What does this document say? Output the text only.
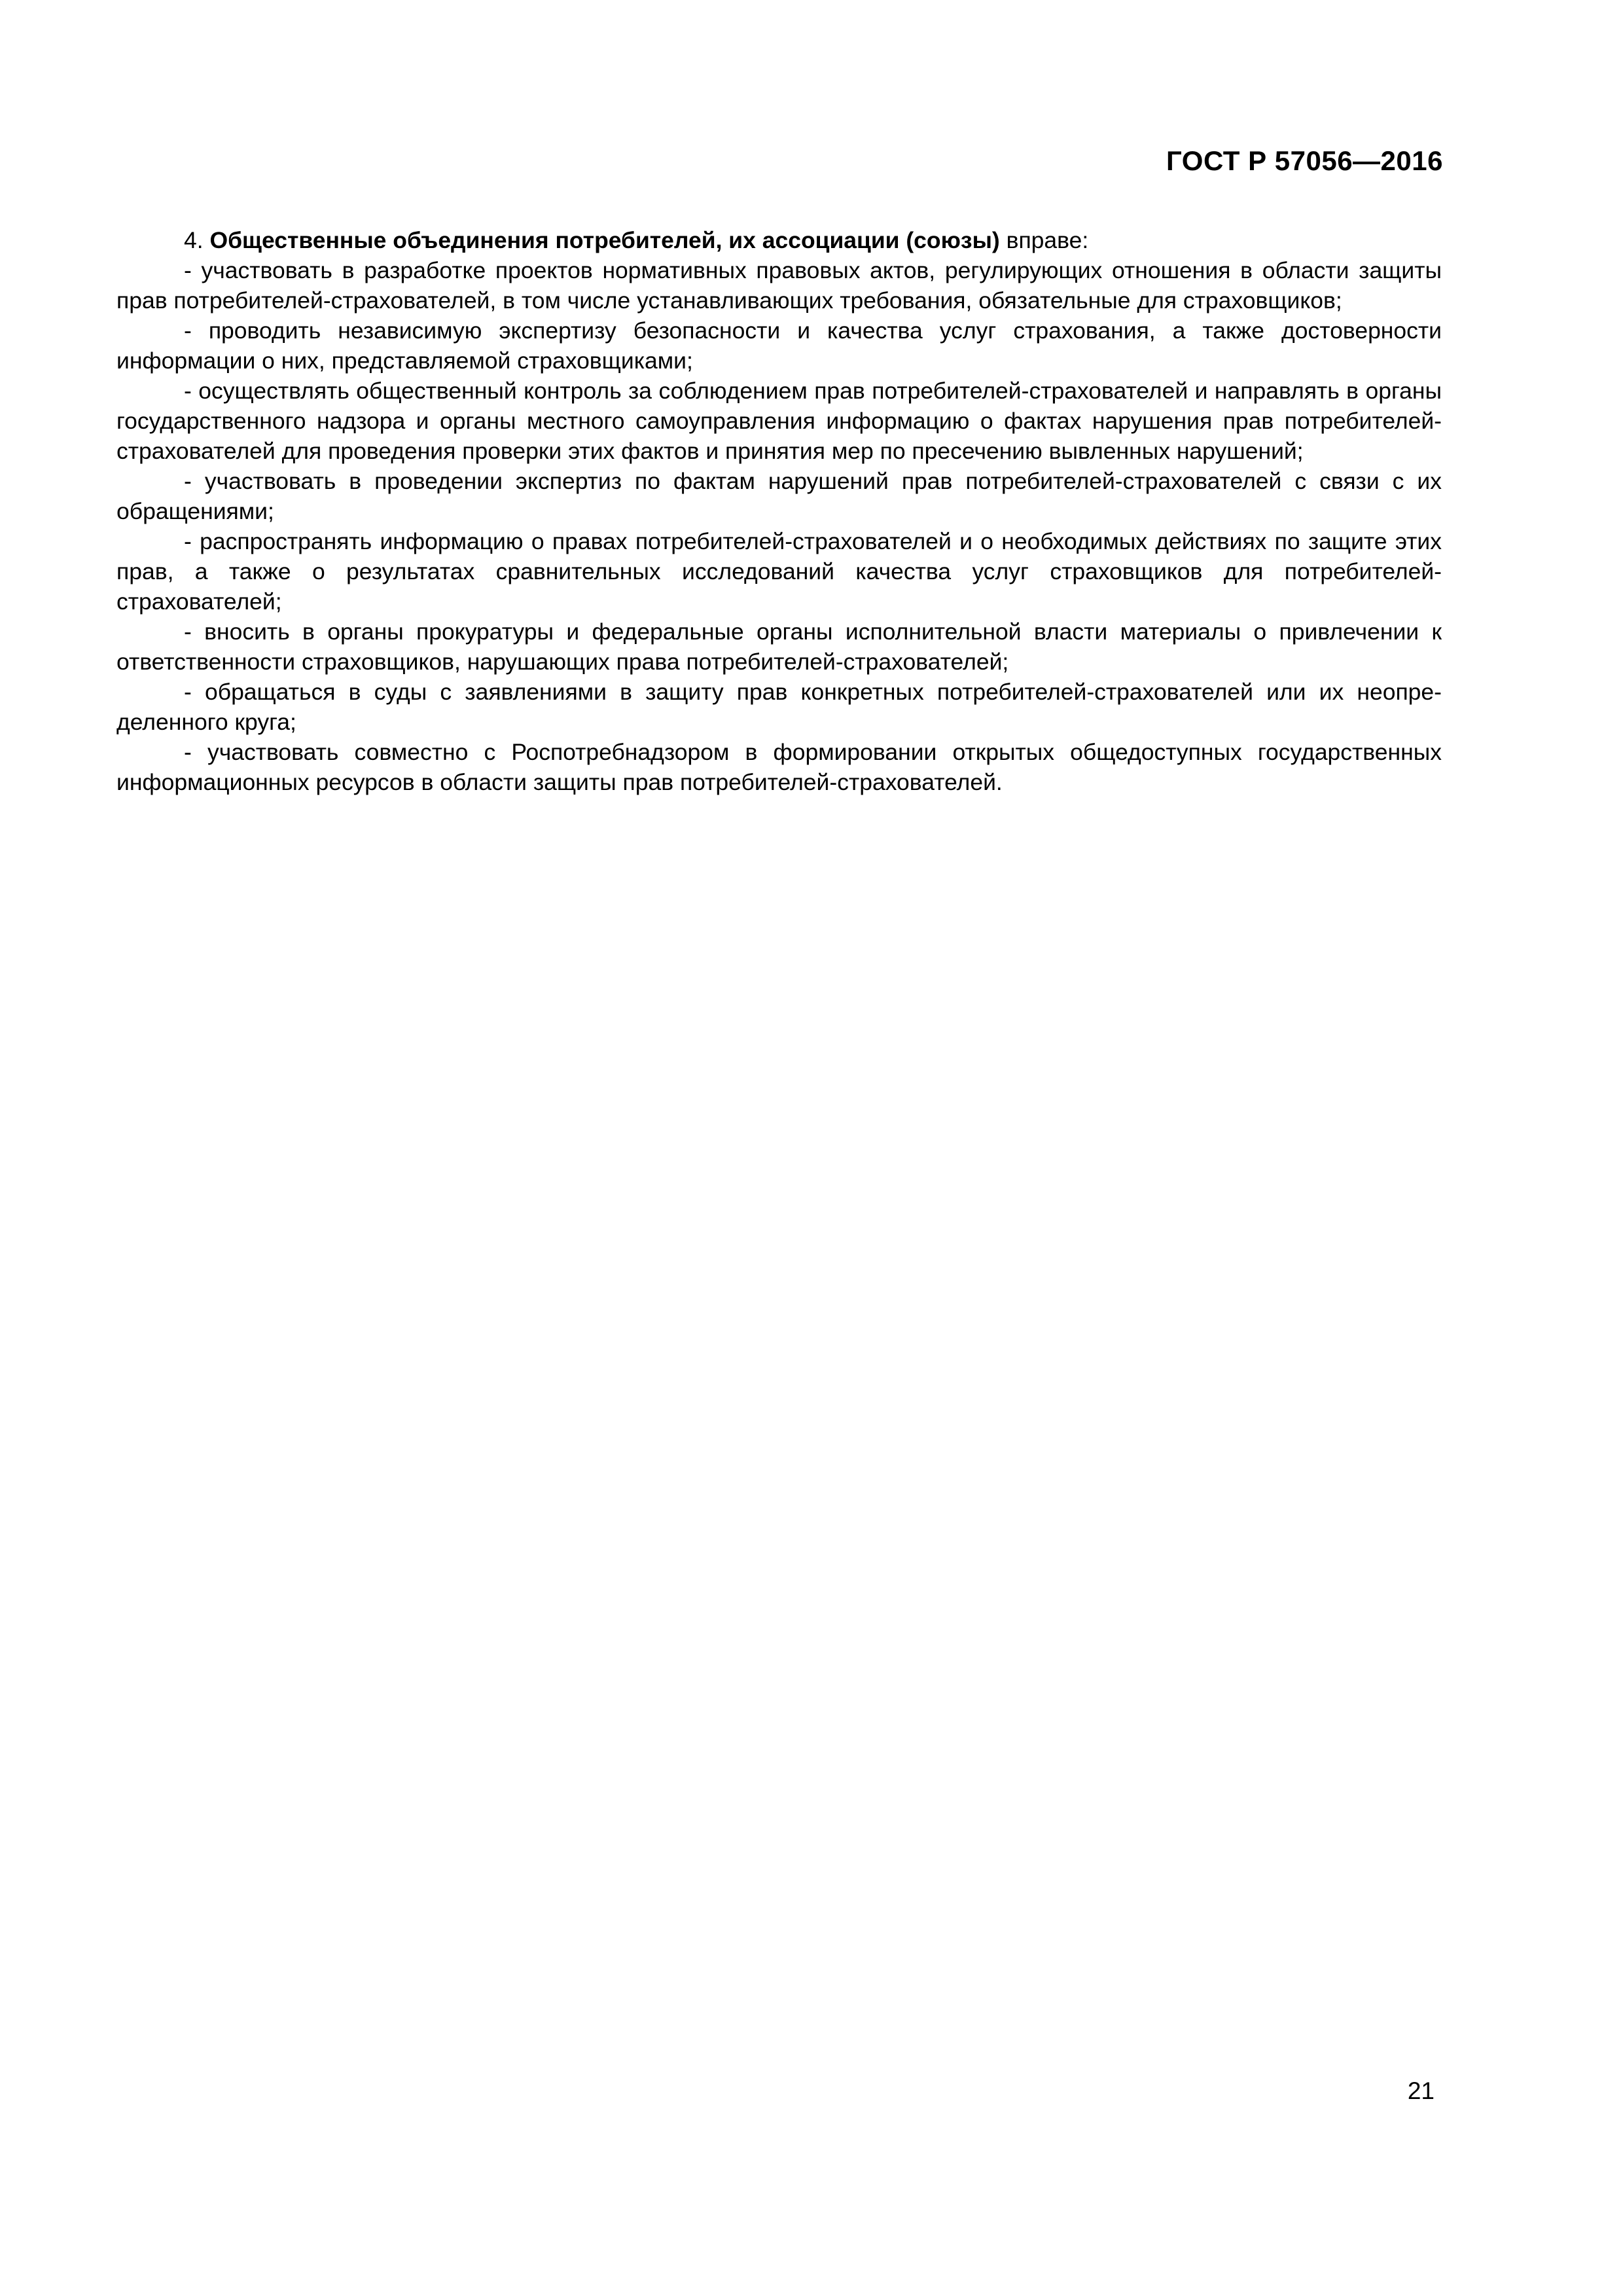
ГОСТ Р 57056—2016

4. Общественные объединения потребителей, их ассоциации (союзы) вправе:

- участвовать в разработке проектов нормативных правовых актов, регулирующих отношения в области защиты прав потребителей-страхователей, в том числе устанавливающих требования, обязательные для страховщиков;

- проводить независимую экспертизу безопасности и качества услуг страхования, а также достоверности информации о них, представляемой страховщиками;

- осуществлять общественный контроль за соблюдением прав потребителей-страхователей и направлять в органы государственного надзора и органы местного самоуправления информацию о фактах нарушения прав потребителей-страхователей для проведения проверки этих фактов и принятия мер по пресечению вывленных нарушений;

- участвовать в проведении экспертиз по фактам нарушений прав потребителей-страхователей с связи с их обращениями;

- распространять информацию о правах потребителей-страхователей и о необходимых действиях по защите этих прав, а также о результатах сравнительных исследований качества услуг страховщиков для потребителей-страхователей;

- вносить в органы прокуратуры и федеральные органы исполнительной власти материалы о привлечении к ответственности страховщиков, нарушающих права потребителей-страхователей;

- обращаться в суды с заявлениями в защиту прав конкретных потребителей-страхователей или их неопределенного круга;

- участвовать совместно с Роспотребнадзором в формировании открытых общедоступных государственных информационных ресурсов в области защиты прав потребителей-страхователей.

21
